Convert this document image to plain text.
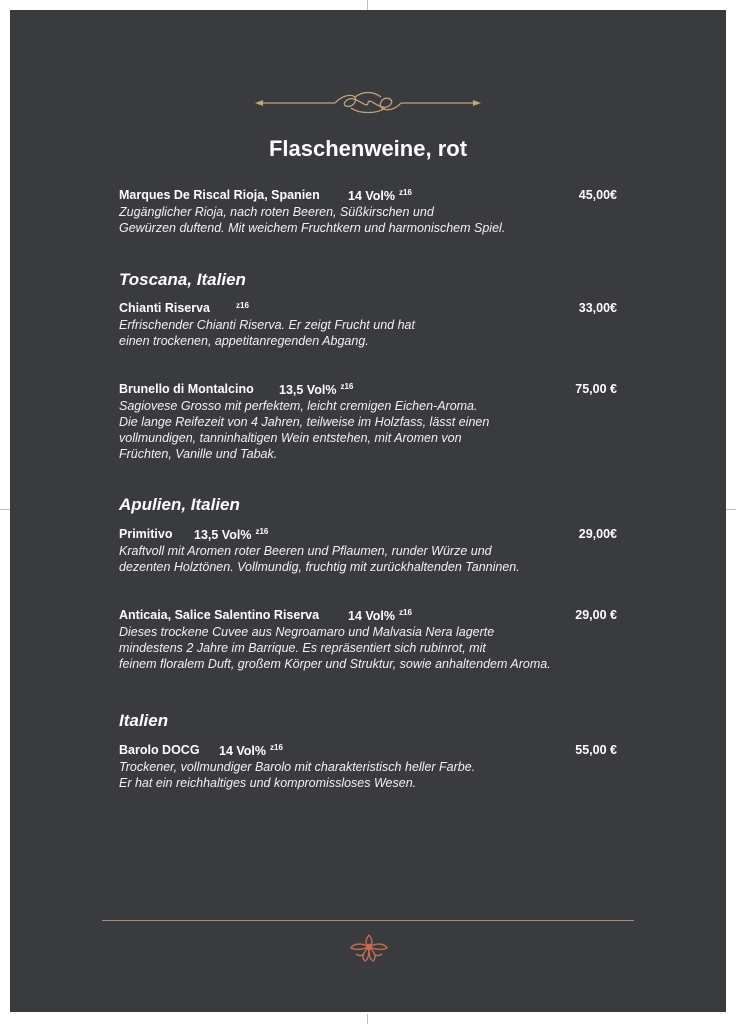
Flaschenweine, rot
Marques De Riscal Rioja, Spanien 14 Vol% $^{z16}$	45,00€
Zugänglicher Rioja, nach roten Beeren, Süßkirschen und
Gewürzen duftend. Mit weichem Fruchtkern und harmonischem Spiel.
Toscana, Italien
Chianti Riserva	$^{z16}$	33,00€
Erfrischender Chianti Riserva. Er zeigt Frucht und hat
einen trockenen, appetitanregenden Abgang.
Brunello di Montalcino 13,5 Vol% $^{z16}$	75,00 €
Sagiovese Grosso mit perfektem, leicht cremigen Eichen-Aroma.
Die lange Reifezeit von 4 Jahren, teilweise im Holzfass, lässt einen
vollmundigen, tanninhaltigen Wein entstehen, mit Aromen von
Früchten, Vanille und Tabak.
Apulien, Italien
Primitivo 13,5 Vol% $^{z16}$	29,00€
Kraftvoll mit Aromen roter Beeren und Pflaumen, runder Würze und
dezenten Holztönen. Vollmundig, fruchtig mit zurückhaltenden Tanninen.
Anticaia, Salice Salentino Riserva 14 Vol% $^{z16}$	29,00 €
Dieses trockene Cuvee aus Negroamaro und Malvasia Nera lagerte
mindestens 2 Jahre im Barrique. Es repräsentiert sich rubinrot, mit
feinem floralem Duft, großem Körper und Struktur, sowie anhaltendem Aroma.
Italien
Barolo DOCG 14 Vol% $^{z16}$	55,00 €
Trockener, vollmundiger Barolo mit charakteristisch heller Farbe.
Er hat ein reichhaltiges und kompromissloses Wesen.
